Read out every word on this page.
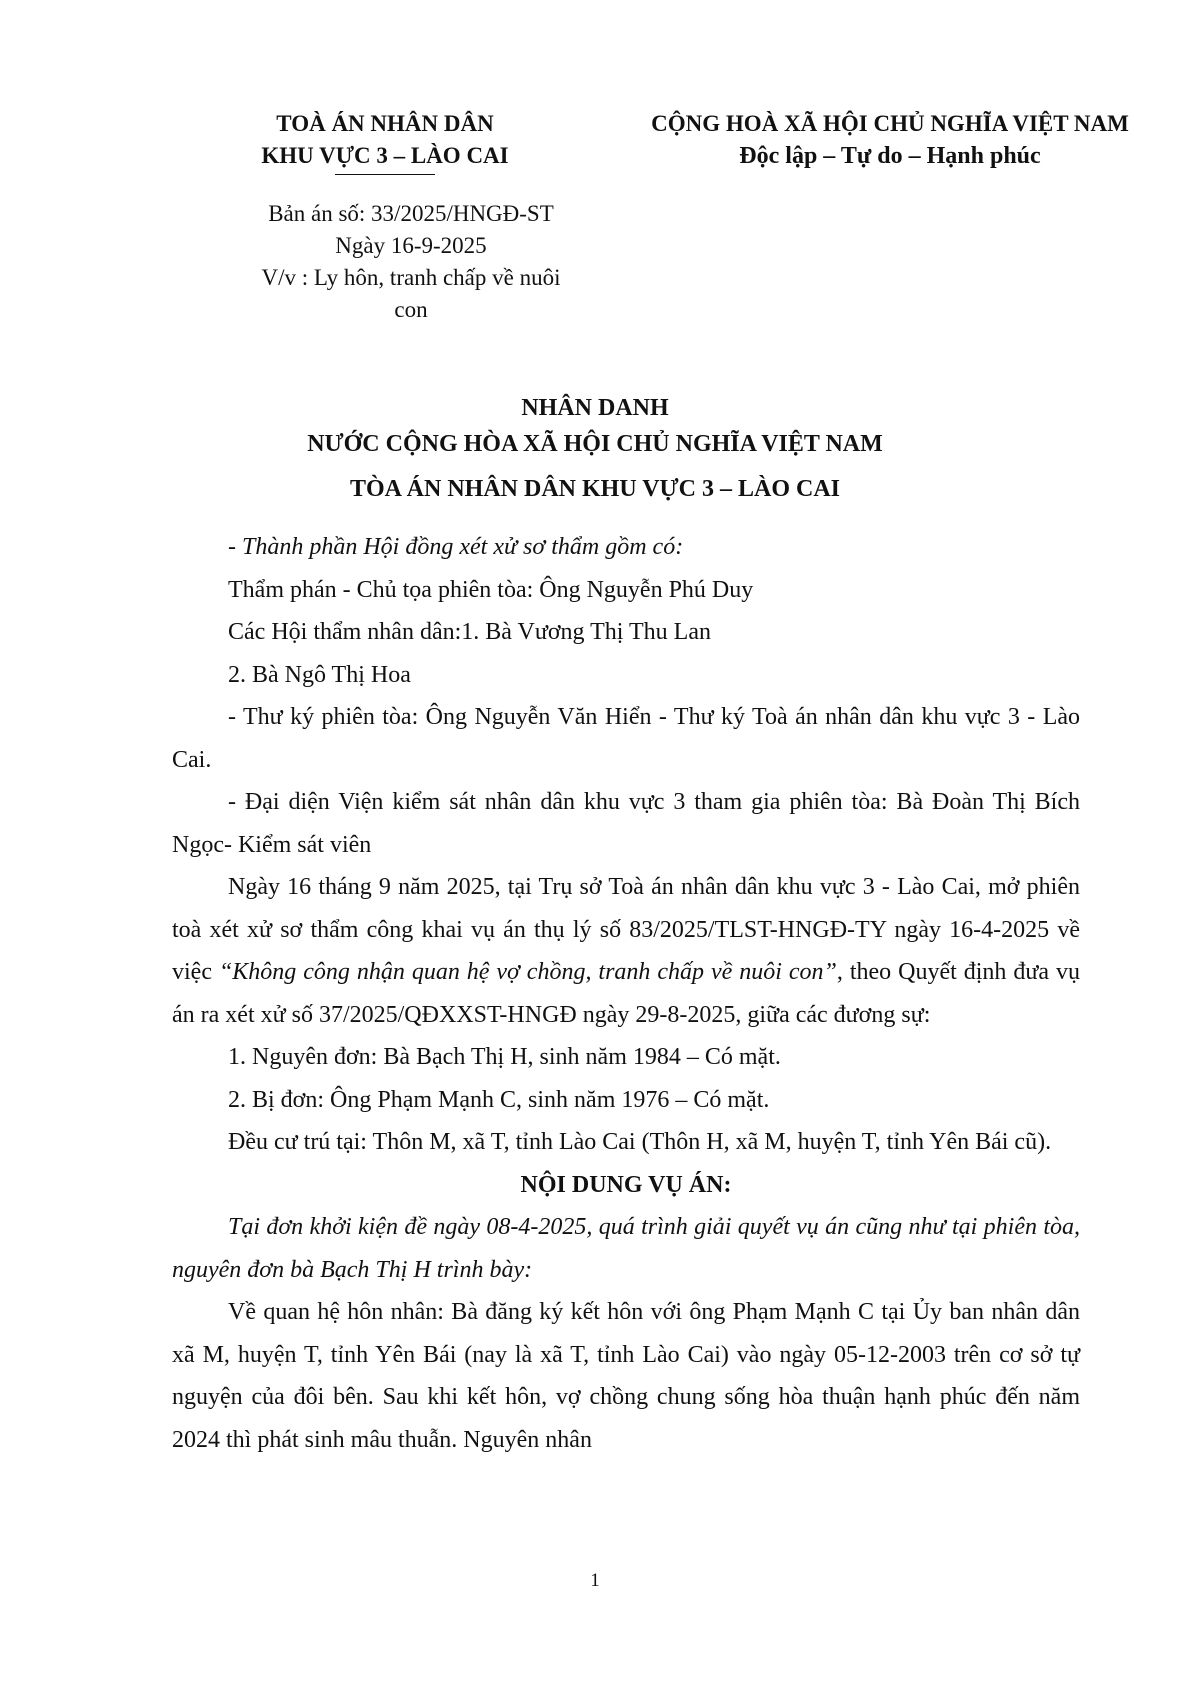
TOÀ ÁN NHÂN DÂN
KHU VỰC 3 – LÀO CAI
CỘNG HOÀ XÃ HỘI CHỦ NGHĨA VIỆT NAM
Độc lập – Tự do – Hạnh phúc
Bản án số: 33/2025/HNGĐ-ST
Ngày 16-9-2025
V/v : Ly hôn, tranh chấp về nuôi
con
NHÂN DANH
NƯỚC CỘNG HÒA XÃ HỘI CHỦ NGHĨA VIỆT NAM
TÒA ÁN NHÂN DÂN KHU VỰC 3 – LÀO CAI

- Thành phần Hội đồng xét xử sơ thẩm gồm có:

Thẩm phán - Chủ tọa phiên tòa: Ông Nguyễn Phú Duy

Các Hội thẩm nhân dân:1. Bà Vương Thị Thu Lan

2. Bà Ngô Thị Hoa

- Thư ký phiên tòa: Ông Nguyễn Văn Hiển - Thư ký Toà án nhân dân khu vực 3 - Lào Cai.

- Đại diện Viện kiểm sát nhân dân khu vực 3 tham gia phiên tòa: Bà Đoàn Thị Bích Ngọc- Kiểm sát viên

Ngày 16 tháng 9 năm 2025, tại Trụ sở Toà án nhân dân khu vực 3 - Lào Cai, mở phiên toà xét xử sơ thẩm công khai vụ án thụ lý số 83/2025/TLST-HNGĐ-TY ngày 16-4-2025 về việc “Không công nhận quan hệ vợ chồng, tranh chấp về nuôi con”, theo Quyết định đưa vụ án ra xét xử số 37/2025/QĐXXST-HNGĐ ngày 29-8-2025, giữa các đương sự:

1. Nguyên đơn: Bà Bạch Thị H, sinh năm 1984 – Có mặt.

2. Bị đơn: Ông Phạm Mạnh C, sinh năm 1976 – Có mặt.

Đều cư trú tại: Thôn M, xã T, tỉnh Lào Cai (Thôn H, xã M, huyện T, tỉnh Yên Bái cũ).

NỘI DUNG VỤ ÁN:

Tại đơn khởi kiện đề ngày 08-4-2025, quá trình giải quyết vụ án cũng như tại phiên tòa, nguyên đơn bà Bạch Thị H trình bày:

Về quan hệ hôn nhân: Bà đăng ký kết hôn với ông Phạm Mạnh C tại Ủy ban nhân dân xã M, huyện T, tỉnh Yên Bái (nay là xã T, tỉnh Lào Cai) vào ngày 05-12-2003 trên cơ sở tự nguyện của đôi bên. Sau khi kết hôn, vợ chồng chung sống hòa thuận hạnh phúc đến năm 2024 thì phát sinh mâu thuẫn. Nguyên nhân

1
